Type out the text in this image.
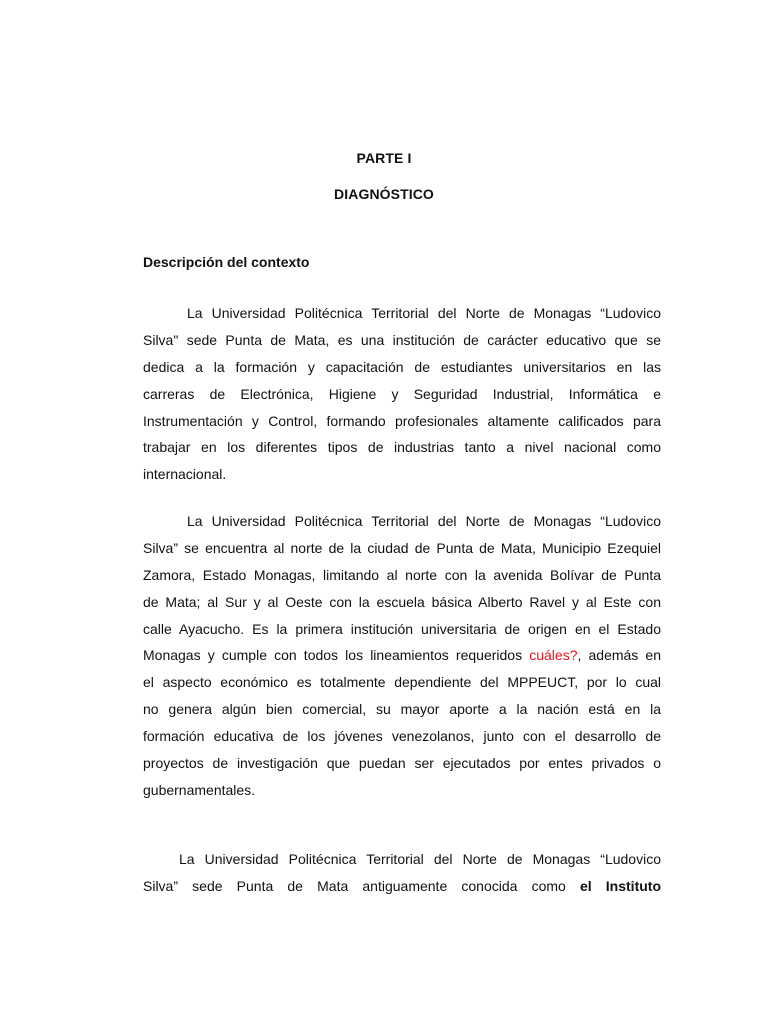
PARTE I
DIAGNÓSTICO
Descripción del contexto
La Universidad Politécnica Territorial del Norte de Monagas “Ludovico
Silva" sede Punta de Mata, es una institución de carácter educativo que se
dedica a la formación y capacitación de estudiantes universitarios en las
carreras de Electrónica, Higiene y Seguridad Industrial, Informática e
Instrumentación y Control, formando profesionales altamente calificados para
trabajar en los diferentes tipos de industrias tanto a nivel nacional como
internacional.
La Universidad Politécnica Territorial del Norte de Monagas “Ludovico
Silva” se encuentra al norte de la ciudad de Punta de Mata, Municipio Ezequiel
Zamora, Estado Monagas, limitando al norte con la avenida Bolívar de Punta
de Mata; al Sur y al Oeste con la escuela básica Alberto Ravel y al Este con
calle Ayacucho. Es la primera institución universitaria de origen en el Estado
Monagas y cumple con todos los lineamientos requeridos cuáles?, además en
el aspecto económico es totalmente dependiente del MPPEUCT, por lo cual
no genera algún bien comercial, su mayor aporte a la nación está en la
formación educativa de los jóvenes venezolanos, junto con el desarrollo de
proyectos de investigación que puedan ser ejecutados por entes privados o
gubernamentales.
La Universidad Politécnica Territorial del Norte de Monagas “Ludovico
Silva” sede Punta de Mata antiguamente conocida como el Instituto
